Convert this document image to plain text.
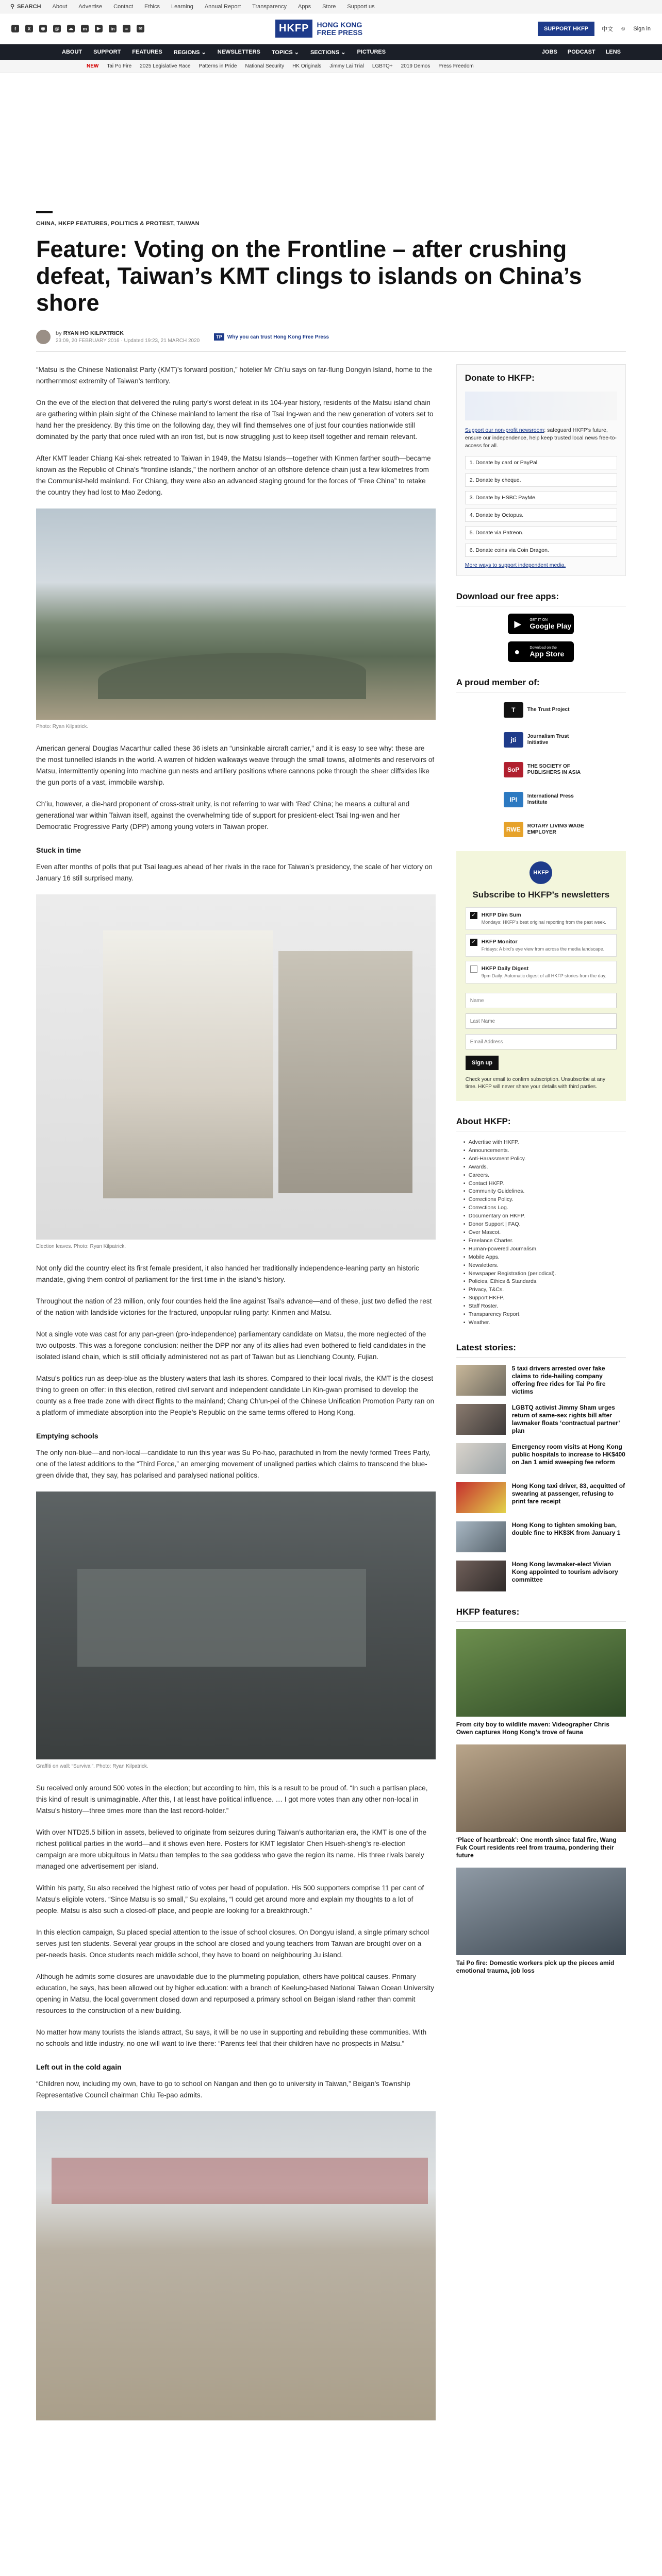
⚲ SEARCH About Advertise Contact Ethics Learning Annual Report Transparency Apps Store Support us
f	X	◉	@	☁	m	▶	in	≈	✉	HKFP	HONG KONG
FREE PRESS	SUPPORT HKFP	中文 ☺ Sign in
ABOUT SUPPORT FEATURES REGIONS ⌄ NEWSLETTERS TOPICS ⌄ SECTIONS ⌄ PICTURES	JOBS PODCAST LENS
NEW Tai Po Fire 2025 Legislative Race Patterns in Pride National Security HK Originals Jimmy Lai Trial LGBTQ+ 2019 Demos Press Freedom
CHINA, HKFP FEATURES, POLITICS & PROTEST, TAIWAN
Feature: Voting on the Frontline – after crushing defeat, Taiwan’s KMT clings to islands on China’s shore
by RYAN HO KILPATRICK
23:09, 20 FEBRUARY 2016 · Updated 19:23, 21 MARCH 2020
TP	Why you can trust Hong Kong Free Press

“Matsu is the Chinese Nationalist Party (KMT)’s forward position,” hotelier Mr Ch’iu says on far-flung Dongyin Island, home to the northernmost extremity of Taiwan’s territory.

On the eve of the election that delivered the ruling party’s worst defeat in its 104-year history, residents of the Matsu island chain are gathering within plain sight of the Chinese mainland to lament the rise of Tsai Ing-wen and the new generation of voters set to hand her the presidency. By this time on the following day, they will find themselves one of just four counties nationwide still dominated by the party that once ruled with an iron fist, but is now struggling just to keep itself together and remain relevant.

After KMT leader Chiang Kai-shek retreated to Taiwan in 1949, the Matsu Islands—together with Kinmen farther south—became known as the Republic of China’s “frontline islands,” the northern anchor of an offshore defence chain just a few kilometres from the Communist-held mainland. For Chiang, they were also an advanced staging ground for the forces of “Free China” to retake the country they had lost to Mao Zedong.

Photo: Ryan Kilpatrick.

American general Douglas Macarthur called these 36 islets an “unsinkable aircraft carrier,” and it is easy to see why: these are the most tunnelled islands in the world. A warren of hidden walkways weave through the small towns, allotments and reservoirs of Matsu, intermittently opening into machine gun nests and artillery positions where cannons poke through the sheer cliffsides like the gun ports of a vast, immobile warship.

Ch’iu, however, a die-hard proponent of cross-strait unity, is not referring to war with ‘Red’ China; he means a cultural and generational war within Taiwan itself, against the overwhelming tide of support for president-elect Tsai Ing-wen and her Democratic Progressive Party (DPP) among young voters in Taiwan proper.

Stuck in time

Even after months of polls that put Tsai leagues ahead of her rivals in the race for Taiwan’s presidency, the scale of her victory on January 16 still surprised many.

Election leaves. Photo: Ryan Kilpatrick.

Not only did the country elect its first female president, it also handed her traditionally independence-leaning party an historic mandate, giving them control of parliament for the first time in the island’s history.

Throughout the nation of 23 million, only four counties held the line against Tsai’s advance—and of these, just two defied the rest of the nation with landslide victories for the fractured, unpopular ruling party: Kinmen and Matsu.

Not a single vote was cast for any pan-green (pro-independence) parliamentary candidate on Matsu, the more neglected of the two outposts. This was a foregone conclusion: neither the DPP nor any of its allies had even bothered to field candidates in the isolated island chain, which is still officially administered not as part of Taiwan but as Lienchiang County, Fujian.

Matsu’s politics run as deep-blue as the blustery waters that lash its shores. Compared to their local rivals, the KMT is the closest thing to green on offer: in this election, retired civil servant and independent candidate Lin Kin-gwan promised to develop the county as a free trade zone with direct flights to the mainland; Chang Ch’un-pei of the Chinese Unification Promotion Party ran on a platform of immediate absorption into the People’s Republic on the same terms offered to Hong Kong.

Emptying schools

The only non-blue—and non-local—candidate to run this year was Su Po-hao, parachuted in from the newly formed Trees Party, one of the latest additions to the “Third Force,” an emerging movement of unaligned parties which claims to transcend the blue-green divide that, they say, has polarised and paralysed national politics.

Graffiti on wall: “Survival”. Photo: Ryan Kilpatrick.

Su received only around 500 votes in the election; but according to him, this is a result to be proud of. “In such a partisan place, this kind of result is unimaginable. After this, I at least have political influence. … I got more votes than any other non-local in Matsu’s history—three times more than the last record-holder.”

With over NTD25.5 billion in assets, believed to originate from seizures during Taiwan’s authoritarian era, the KMT is one of the richest political parties in the world—and it shows even here. Posters for KMT legislator Chen Hsueh-sheng’s re-election campaign are more ubiquitous in Matsu than temples to the sea goddess who gave the region its name. His three rivals barely managed one advertisement per island.

Within his party, Su also received the highest ratio of votes per head of population. His 500 supporters comprise 11 per cent of Matsu’s eligible voters. “Since Matsu is so small,” Su explains, “I could get around more and explain my thoughts to a lot of people. Matsu is also such a closed-off place, and people are looking for a breakthrough.”

In this election campaign, Su placed special attention to the issue of school closures. On Dongyu island, a single primary school serves just ten students. Several year groups in the school are closed and young teachers from Taiwan are brought over on a per-needs basis. Once students reach middle school, they have to board on neighbouring Ju island.

Although he admits some closures are unavoidable due to the plummeting population, others have political causes. Primary education, he says, has been allowed out by higher education: with a branch of Keelung-based National Taiwan Ocean University opening in Matsu, the local government closed down and repurposed a primary school on Beigan island rather than commit resources to the construction of a new building.

No matter how many tourists the islands attract, Su says, it will be no use in supporting and rebuilding these communities. With no schools and little industry, no one will want to live there: “Parents feel that their children have no prospects in Matsu.”

Left out in the cold again

“Children now, including my own, have to go to school on Nangan and then go to university in Taiwan,” Beigan’s Township Representative Council chairman Chiu Te-pao admits.

Donate to HKFP:
Support our non-profit newsroom; safeguard HKFP’s future, ensure our independence, help keep trusted local news free-to-access for all.
1. Donate by card or PayPal.
2. Donate by cheque.
3. Donate by HSBC PayMe.
4. Donate by Octopus.
5. Donate via Patreon.
6. Donate coins via Coin Dragon.
More ways to support independent media.
Download our free apps:
▶ GET IT ON
Google Play
●	Download on the
App Store
A proud member of:
T	The Trust Project
jti	Journalism Trust Initiative
SoP	THE SOCIETY OF PUBLISHERS IN ASIA
IPI	International Press Institute
RWE	ROTARY LIVING WAGE EMPLOYER
HKFP
Subscribe to HKFP’s newsletters
✓ HKFP Dim Sum
Mondays: HKFP’s best original reporting from the past week.
✓ HKFP Monitor
Fridays: A bird’s eye view from across the media landscape.
HKFP Daily Digest
9pm Daily: Automatic digest of all HKFP stories from the day.
Name Last Name Email Address Sign up
Check your email to confirm subscription. Unsubscribe at any time. HKFP will never share your details with third parties.
About HKFP:
• Advertise with HKFP.
• Announcements.
• Anti-Harassment Policy.
• Awards.
• Careers.
• Contact HKFP.
• Community Guidelines.
• Corrections Policy.
• Corrections Log.
• Documentary on HKFP.
• Donor Support | FAQ.
• Over Mascot.
• Freelance Charter.
• Human-powered Journalism.
• Mobile Apps.
• Newsletters.
• Newspaper Registration (periodical).
• Policies, Ethics & Standards.
• Privacy, T&Cs.
• Support HKFP.
• Staff Roster.
• Transparency Report.
• Weather.
Latest stories:
5 taxi drivers arrested over fake claims to ride-hailing company offering free rides for Tai Po fire victims
LGBTQ activist Jimmy Sham urges return of same-sex rights bill after lawmaker floats ‘contractual partner’ plan
Emergency room visits at Hong Kong public hospitals to increase to HK$400 on Jan 1 amid sweeping fee reform
Hong Kong taxi driver, 83, acquitted of swearing at passenger, refusing to print fare receipt
Hong Kong to tighten smoking ban, double fine to HK$3K from January 1
Hong Kong lawmaker-elect Vivian Kong appointed to tourism advisory committee
HKFP features:
From city boy to wildlife maven: Videographer Chris Owen captures Hong Kong’s trove of fauna
‘Place of heartbreak’: One month since fatal fire, Wang Fuk Court residents reel from trauma, pondering their future
Tai Po fire: Domestic workers pick up the pieces amid emotional trauma, job loss
